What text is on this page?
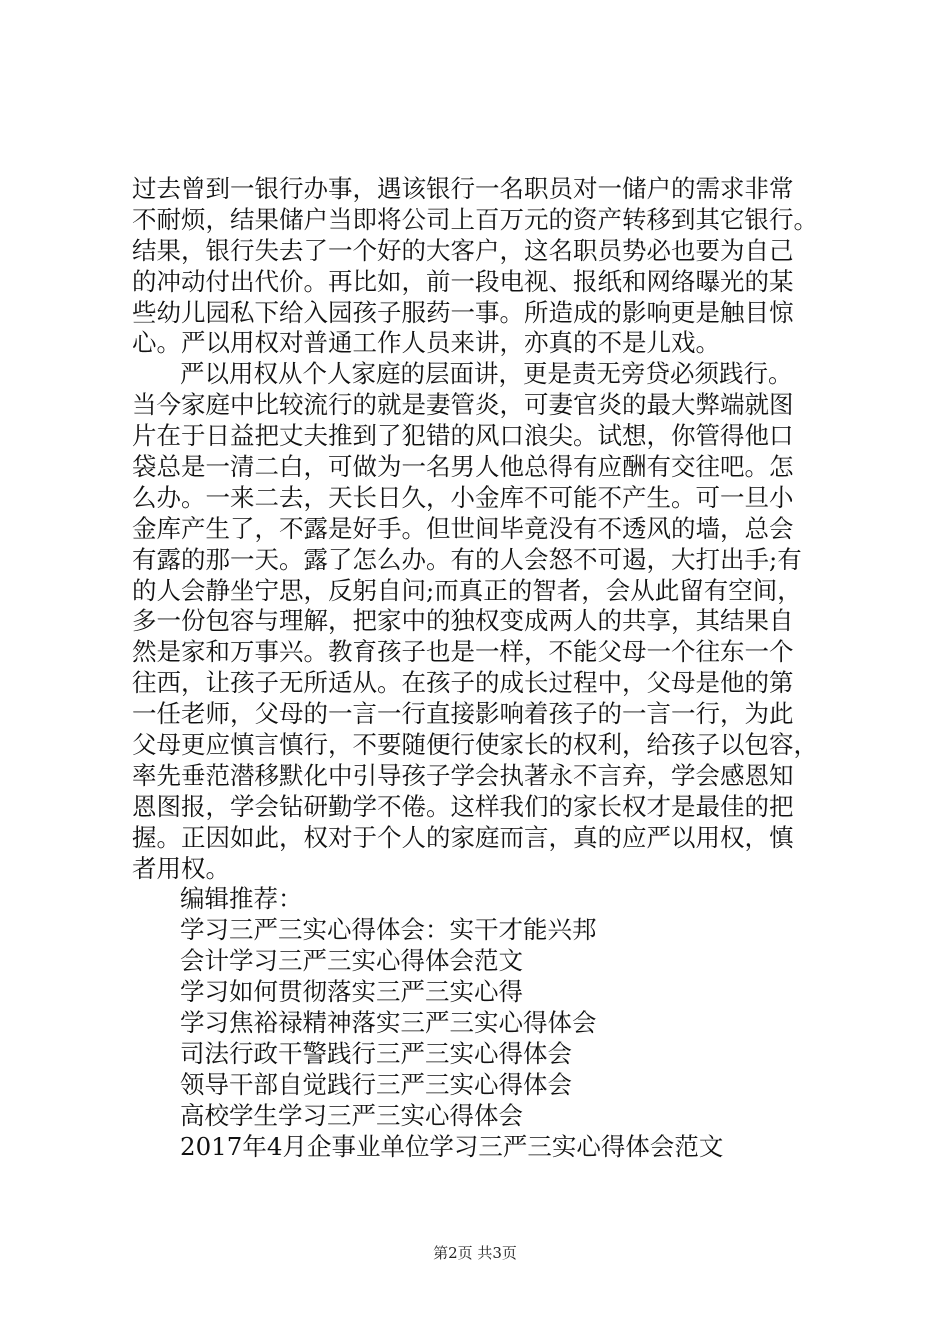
过去曾到一银行办事，遇该银行一名职员对一储户的需求非常
不耐烦，结果储户当即将公司上百万元的资产转移到其它银行。
结果，银行失去了一个好的大客户，这名职员势必也要为自己
的冲动付出代价。再比如，前一段电视、报纸和网络曝光的某
些幼儿园私下给入园孩子服药一事。所造成的影响更是触目惊
心。严以用权对普通工作人员来讲，亦真的不是儿戏。
严以用权从个人家庭的层面讲，更是责无旁贷必须践行。
当今家庭中比较流行的就是妻管炎，可妻官炎的最大弊端就图
片在于日益把丈夫推到了犯错的风口浪尖。试想，你管得他口
袋总是一清二白，可做为一名男人他总得有应酬有交往吧。怎
么办。一来二去，天长日久，小金库不可能不产生。可一旦小
金库产生了，不露是好手。但世间毕竟没有不透风的墙，总会
有露的那一天。露了怎么办。有的人会怒不可遏，大打出手;有
的人会静坐宁思，反躬自问;而真正的智者，会从此留有空间，
多一份包容与理解，把家中的独权变成两人的共享，其结果自
然是家和万事兴。教育孩子也是一样，不能父母一个往东一个
往西，让孩子无所适从。在孩子的成长过程中，父母是他的第
一任老师，父母的一言一行直接影响着孩子的一言一行，为此
父母更应慎言慎行，不要随便行使家长的权利，给孩子以包容，
率先垂范潜移默化中引导孩子学会执著永不言弃，学会感恩知
恩图报，学会钻研勤学不倦。这样我们的家长权才是最佳的把
握。正因如此，权对于个人的家庭而言，真的应严以用权，慎
者用权。
编辑推荐：
学习三严三实心得体会：实干才能兴邦
会计学习三严三实心得体会范文
学习如何贯彻落实三严三实心得
学习焦裕禄精神落实三严三实心得体会
司法行政干警践行三严三实心得体会
领导干部自觉践行三严三实心得体会
高校学生学习三严三实心得体会
2017年4月企事业单位学习三严三实心得体会范文
第2页 共3页
